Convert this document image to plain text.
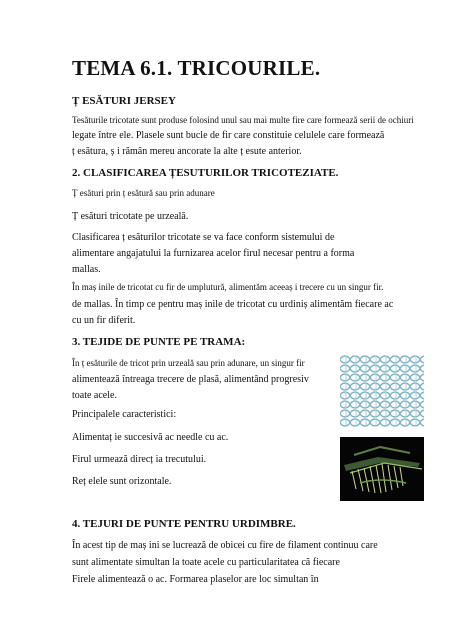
TEMA 6.1. TRICOURILE.
Ț ESĂTURI JERSEY
Tesăturile tricotate sunt produse folosind unul sau mai multe fire care formează serii de ochiuri
legate între ele. Plasele sunt bucle de fir care constituie celulele care formează
ț esătura, ș i rămân mereu ancorate la alte ț esute anterior.
2. CLASIFICAREA ȚESUTURILOR TRICOTEZIATE.
Ț esături prin ț esătură sau prin adunare
Ț esături tricotate pe urzeală.
Clasificarea ț esăturilor tricotate se va face conform sistemului de
alimentare angajatului la furnizarea acelor firul necesar pentru a forma
mallas.
În maș inile de tricotat cu fir de umplutură, alimentăm aceeaș i trecere cu un singur fir.
de mallas. În timp ce pentru maș inile de tricotat cu urdiniș alimentăm fiecare ac
cu un fir diferit.
3. TEJIDE DE PUNTE PE TRAMA:
În ț esăturile de tricot prin urzeală sau prin adunare, un singur fir
alimentează întreaga trecere de plasă, alimentând progresiv
toate acele.
Principalele caracteristici:
Alimentaț ie succesivă ac needle cu ac.
Firul urmează direcț ia trecutului.
Reț elele sunt orizontale.
4. TEJURI DE PUNTE PENTRU URDIMBRE.
În acest tip de maș ini se lucrează de obicei cu fire de filament continuu care
sunt alimentate simultan la toate acele cu particularitatea că fiecare
Firele alimentează o ac. Formarea plaselor are loc simultan în
